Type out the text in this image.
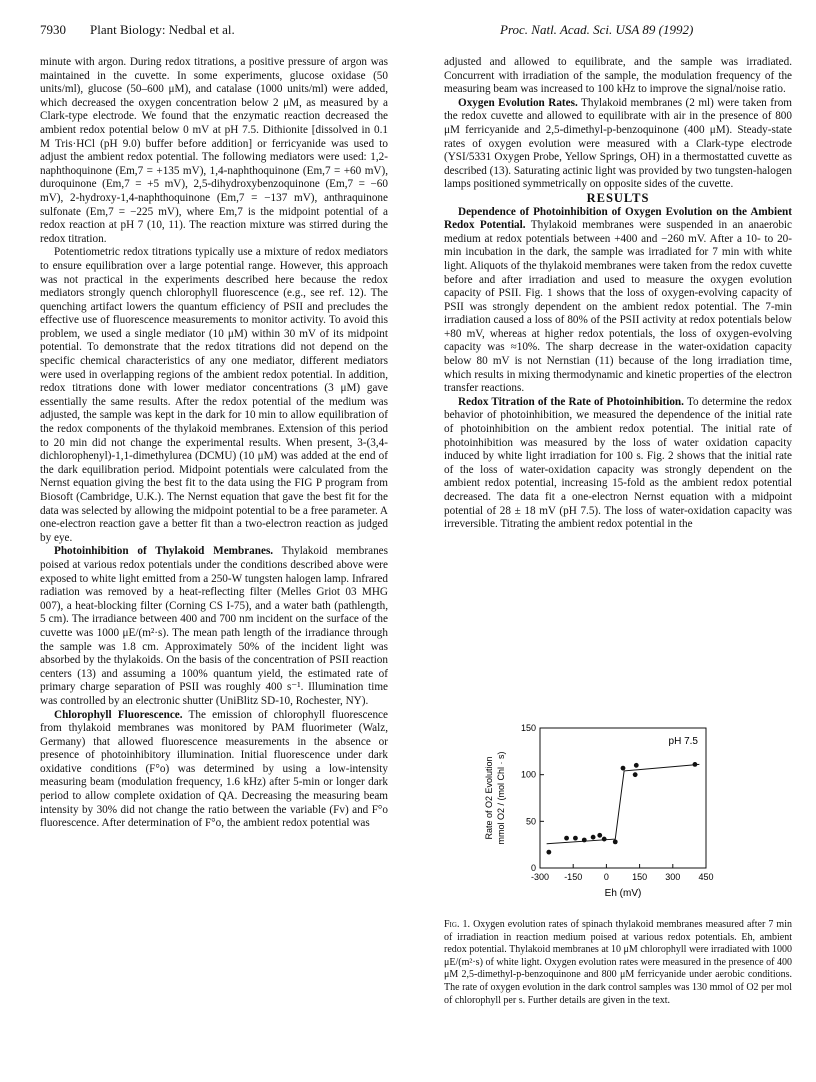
7930 Plant Biology: Nedbal et al.	Proc. Natl. Acad. Sci. USA 89 (1992)

minute with argon. During redox titrations, a positive pressure of argon was maintained in the cuvette. In some experiments, glucose oxidase (50 units/ml), glucose (50–600 μM), and catalase (1000 units/ml) were added, which decreased the oxygen concentration below 2 μM, as measured by a Clark-type electrode. We found that the enzymatic reaction decreased the ambient redox potential below 0 mV at pH 7.5. Dithionite [dissolved in 0.1 M Tris·HCl (pH 9.0) buffer before addition] or ferricyanide was used to adjust the ambient redox potential. The following mediators were used: 1,2-naphthoquinone (Em,7 = +135 mV), 1,4-naphthoquinone (Em,7 = +60 mV), duroquinone (Em,7 = +5 mV), 2,5-dihydroxybenzoquinone (Em,7 = −60 mV), 2-hydroxy-1,4-naphthoquinone (Em,7 = −137 mV), anthraquinone sulfonate (Em,7 = −225 mV), where Em,7 is the midpoint potential of a redox reaction at pH 7 (10, 11). The reaction mixture was stirred during the redox titration.

Potentiometric redox titrations typically use a mixture of redox mediators to ensure equilibration over a large potential range. However, this approach was not practical in the experiments described here because the redox mediators strongly quench chlorophyll fluorescence (e.g., see ref. 12). The quenching artifact lowers the quantum efficiency of PSII and precludes the effective use of fluorescence measurements to monitor activity. To avoid this problem, we used a single mediator (10 μM) within 30 mV of its midpoint potential. To demonstrate that the redox titrations did not depend on the specific chemical characteristics of any one mediator, different mediators were used in overlapping regions of the ambient redox potential. In addition, redox titrations done with lower mediator concentrations (3 μM) gave essentially the same results. After the redox potential of the medium was adjusted, the sample was kept in the dark for 10 min to allow equilibration of the redox components of the thylakoid membranes. Extension of this period to 20 min did not change the experimental results. When present, 3-(3,4-dichlorophenyl)-1,1-dimethylurea (DCMU) (10 μM) was added at the end of the dark equilibration period. Midpoint potentials were calculated from the Nernst equation giving the best fit to the data using the FIG P program from Biosoft (Cambridge, U.K.). The Nernst equation that gave the best fit for the data was selected by allowing the midpoint potential to be a free parameter. A one-electron reaction gave a better fit than a two-electron reaction as judged by eye.

Photoinhibition of Thylakoid Membranes. Thylakoid membranes poised at various redox potentials under the conditions described above were exposed to white light emitted from a 250-W tungsten halogen lamp. Infrared radiation was removed by a heat-reflecting filter (Melles Griot 03 MHG 007), a heat-blocking filter (Corning CS I-75), and a water bath (pathlength, 5 cm). The irradiance between 400 and 700 nm incident on the surface of the cuvette was 1000 μE/(m²·s). The mean path length of the irradiance through the sample was 1.8 cm. Approximately 50% of the incident light was absorbed by the thylakoids. On the basis of the concentration of PSII reaction centers (13) and assuming a 100% quantum yield, the estimated rate of primary charge separation of PSII was roughly 400 s⁻¹. Illumination time was controlled by an electronic shutter (UniBlitz SD-10, Rochester, NY).

Chlorophyll Fluorescence. The emission of chlorophyll fluorescence from thylakoid membranes was monitored by PAM fluorimeter (Walz, Germany) that allowed fluorescence measurements in the absence or presence of photoinhibitory illumination. Initial fluorescence under dark oxidative conditions (F°o) was determined by using a low-intensity measuring beam (modulation frequency, 1.6 kHz) after 5-min or longer dark period to allow complete oxidation of QA. Decreasing the measuring beam intensity by 30% did not change the ratio between the variable (Fv) and F°o fluorescence. After determination of F°o, the ambient redox potential was

adjusted and allowed to equilibrate, and the sample was irradiated. Concurrent with irradiation of the sample, the modulation frequency of the measuring beam was increased to 100 kHz to improve the signal/noise ratio.

Oxygen Evolution Rates. Thylakoid membranes (2 ml) were taken from the redox cuvette and allowed to equilibrate with air in the presence of 800 μM ferricyanide and 2,5-dimethyl-p-benzoquinone (400 μM). Steady-state rates of oxygen evolution were measured with a Clark-type electrode (YSI/5331 Oxygen Probe, Yellow Springs, OH) in a thermostatted cuvette as described (13). Saturating actinic light was provided by two tungsten-halogen lamps positioned symmetrically on opposite sides of the cuvette.

RESULTS

Dependence of Photoinhibition of Oxygen Evolution on the Ambient Redox Potential. Thylakoid membranes were suspended in an anaerobic medium at redox potentials between +400 and −260 mV. After a 10- to 20-min incubation in the dark, the sample was irradiated for 7 min with white light. Aliquots of the thylakoid membranes were taken from the redox cuvette before and after irradiation and used to measure the oxygen evolution capacity of PSII. Fig. 1 shows that the loss of oxygen-evolving capacity of PSII was strongly dependent on the ambient redox potential. The 7-min irradiation caused a loss of 80% of the PSII activity at redox potentials below +80 mV, whereas at higher redox potentials, the loss of oxygen-evolving capacity was ≈10%. The sharp decrease in the water-oxidation capacity below 80 mV is not Nernstian (11) because of the long irradiation time, which results in mixing thermodynamic and kinetic properties of the electron transfer reactions.

Redox Titration of the Rate of Photoinhibition. To determine the redox behavior of photoinhibition, we measured the dependence of the initial rate of photoinhibition on the ambient redox potential. The initial rate of photoinhibition was measured by the loss of water oxidation capacity induced by white light irradiation for 100 s. Fig. 2 shows that the initial rate of the loss of water-oxidation capacity was strongly dependent on the ambient redox potential, increasing 15-fold as the ambient redox potential decreased. The data fit a one-electron Nernst equation with a midpoint potential of 28 ± 18 mV (pH 7.5). The loss of water-oxidation capacity was irreversible. Titrating the ambient redox potential in the

-300 -150 0	150 300 450
0
50
100
150
pH 7.5
Eh (mV)
Rate of O2 Evolution mmol O2 / (mol Chl · s)
Fig. 1. Oxygen evolution rates of spinach thylakoid membranes measured after 7 min of irradiation in reaction medium poised at various redox potentials. Eh, ambient redox potential. Thylakoid membranes at 10 μM chlorophyll were irradiated with 1000 μE/(m²·s) of white light. Oxygen evolution rates were measured in the presence of 400 μM 2,5-dimethyl-p-benzoquinone and 800 μM ferricyanide under aerobic conditions. The rate of oxygen evolution in the dark control samples was 130 mmol of O2 per mol of chlorophyll per s. Further details are given in the text.
